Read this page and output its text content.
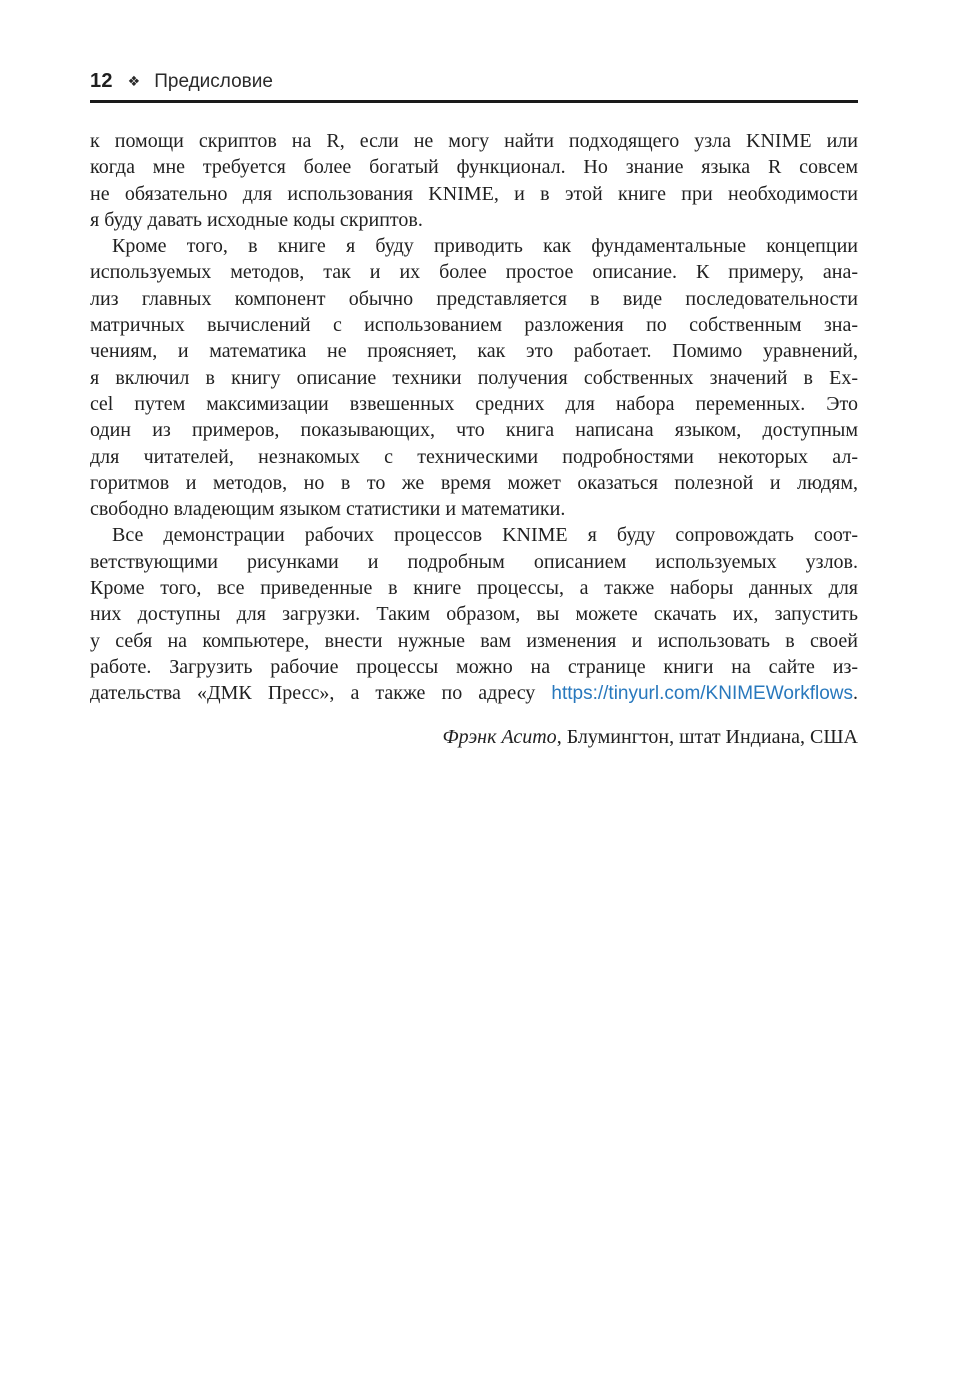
12 ❖ Предисловие
к помощи скриптов на R, если не могу найти подходящего узла KNIME или
когда мне требуется более богатый функционал. Но знание языка R совсем
не обязательно для использования KNIME, и в этой книге при необходимости
я буду давать исходные коды скриптов.
Кроме того, в книге я буду приводить как фундаментальные концепции
используемых методов, так и их более простое описание. К примеру, ана-
лиз главных компонент обычно представляется в виде последовательности
матричных вычислений с использованием разложения по собственным зна-
чениям, и математика не проясняет, как это работает. Помимо уравнений,
я включил в книгу описание техники получения собственных значений в Ex-
cel путем максимизации взвешенных средних для набора переменных. Это
один из примеров, показывающих, что книга написана языком, доступным
для читателей, незнакомых с техническими подробностями некоторых ал-
горитмов и методов, но в то же время может оказаться полезной и людям,
свободно владеющим языком статистики и математики.
Все демонстрации рабочих процессов KNIME я буду сопровождать соот-
ветствующими рисунками и подробным описанием используемых узлов.
Кроме того, все приведенные в книге процессы, а также наборы данных для
них доступны для загрузки. Таким образом, вы можете скачать их, запустить
у себя на компьютере, внести нужные вам изменения и использовать в своей
работе. Загрузить рабочие процессы можно на странице книги на сайте из-
дательства «ДМК Пресс», а также по адресу https://tinyurl.com/KNIMEWorkflows.
Фрэнк Асито, Блумингтон, штат Индиана, США
